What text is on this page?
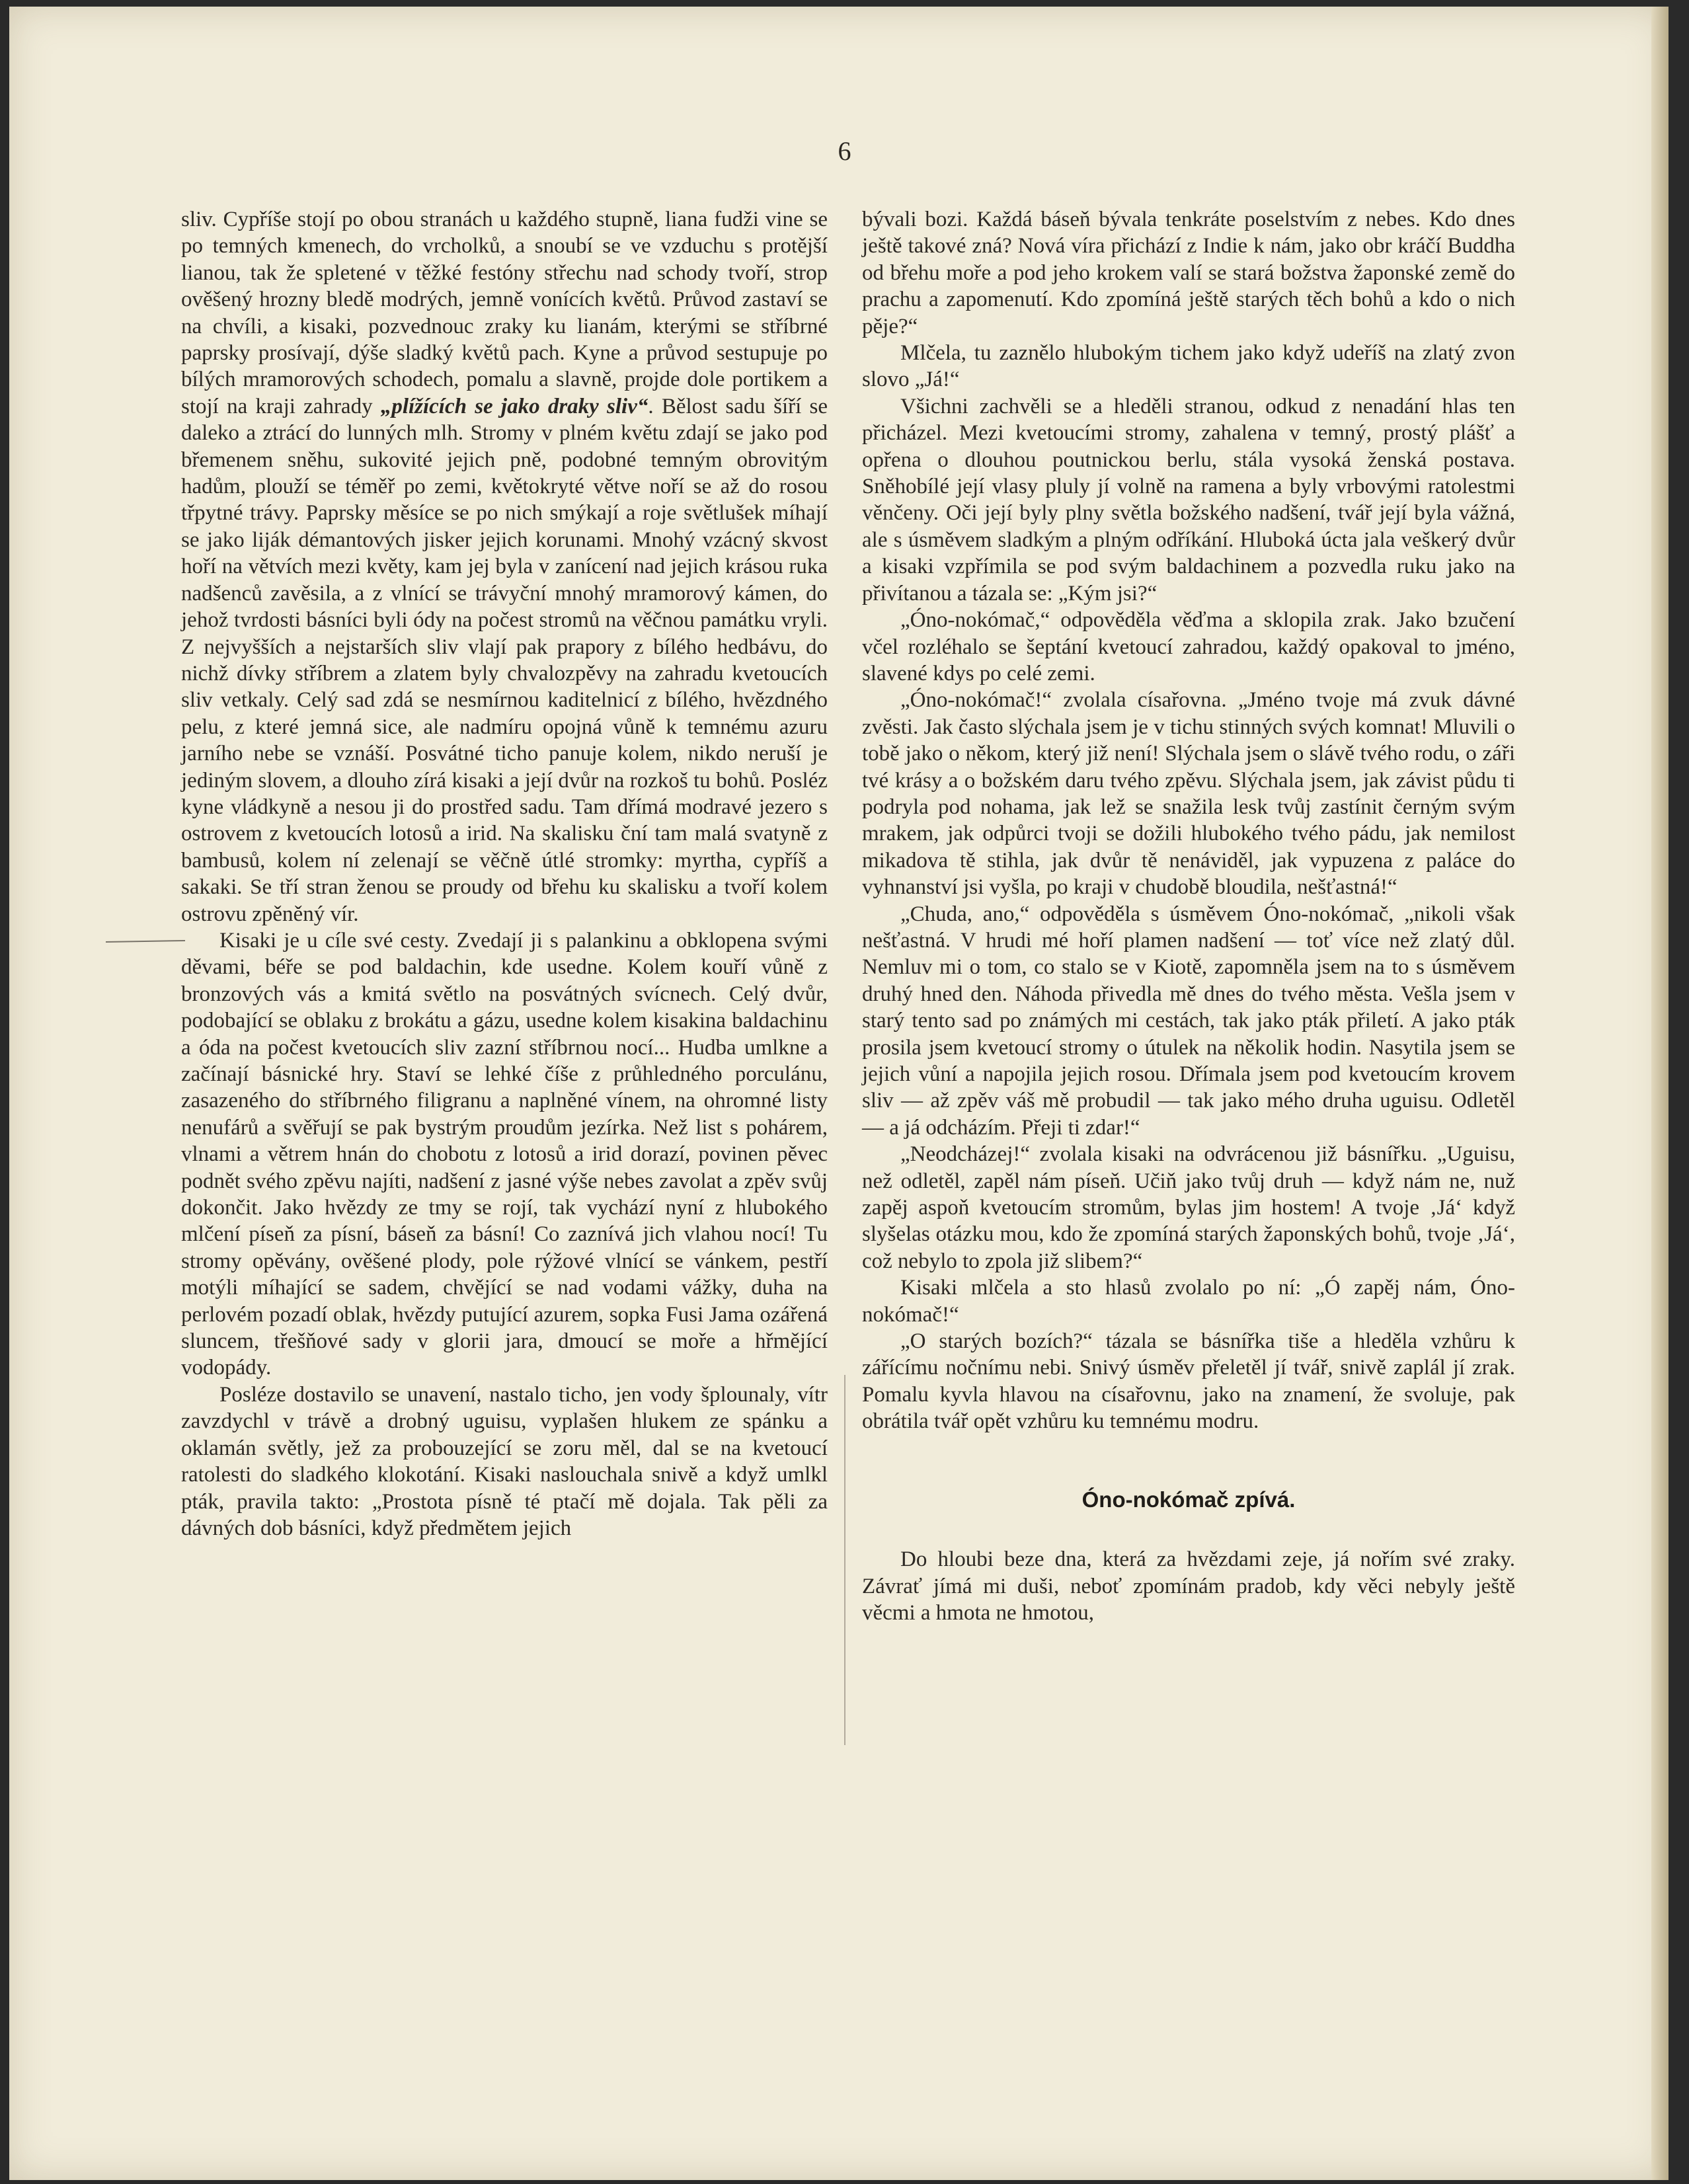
6

sliv. Cypříše stojí po obou stranách u každého stupně, liana fudži vine se po temných kmenech, do vrcholků, a snoubí se ve vzduchu s protější lianou, tak že spletené v těžké festóny střechu nad schody tvoří, strop ověšený hrozny bledě modrých, jemně vonících květů. Průvod zastaví se na chvíli, a kisaki, pozvednouc zraky ku lianám, kterými se stříbrné paprsky prosívají, dýše sladký květů pach. Kyne a průvod sestupuje po bílých mramorových schodech, pomalu a slavně, projde dole portikem a stojí na kraji zahrady „plížících se jako draky sliv“. Bělost sadu šíří se daleko a ztrácí do lunných mlh. Stromy v plném květu zdají se jako pod břemenem sněhu, sukovité jejich pně, podobné temným obrovitým hadům, plouží se téměř po zemi, květokryté větve noří se až do rosou třpytné trávy. Paprsky měsíce se po nich smýkají a roje světlušek míhají se jako liják démantových jisker jejich korunami. Mnohý vzácný skvost hoří na větvích mezi květy, kam jej byla v zanícení nad jejich krásou ruka nadšenců zavěsila, a z vlnící se trávyční mnohý mramorový kámen, do jehož tvrdosti básníci byli ódy na počest stromů na věčnou památku vryli. Z nejvyšších a nejstarších sliv vlají pak prapory z bílého hedbávu, do nichž dívky stříbrem a zlatem byly chvalozpěvy na zahradu kvetoucích sliv vetkaly. Celý sad zdá se nesmírnou kaditelnicí z bílého, hvězdného pelu, z které jemná sice, ale nadmíru opojná vůně k temnému azuru jarního nebe se vznáší. Posvátné ticho panuje kolem, nikdo neruší je jediným slovem, a dlouho zírá kisaki a její dvůr na rozkoš tu bohů. Posléz kyne vládkyně a nesou ji do prostřed sadu. Tam dřímá modravé jezero s ostrovem z kvetoucích lotosů a irid. Na skalisku ční tam malá svatyně z bambusů, kolem ní zelenají se věčně útlé stromky: myrtha, cypříš a sakaki. Se tří stran ženou se proudy od břehu ku skalisku a tvoří kolem ostrovu zpěněný vír.

Kisaki je u cíle své cesty. Zvedají ji s palankinu a obklopena svými děvami, béře se pod baldachin, kde usedne. Kolem kouří vůně z bronzových vás a kmitá světlo na posvátných svícnech. Celý dvůr, podobající se oblaku z brokátu a gázu, usedne kolem kisakina baldachinu a óda na počest kvetoucích sliv zazní stříbrnou nocí... Hudba umlkne a začínají básnické hry. Staví se lehké číše z průhledného porculánu, zasazeného do stříbrného filigranu a naplněné vínem, na ohromné listy nenufárů a svěřují se pak bystrým proudům jezírka. Než list s pohárem, vlnami a větrem hnán do chobotu z lotosů a irid dorazí, povinen pěvec podnět svého zpěvu najíti, nadšení z jasné výše nebes zavolat a zpěv svůj dokončit. Jako hvězdy ze tmy se rojí, tak vychází nyní z hlubokého mlčení píseň za písní, báseň za básní! Co zaznívá jich vlahou nocí! Tu stromy opěvány, ověšené plody, pole rýžové vlnící se vánkem, pestří motýli míhající se sadem, chvějící se nad vodami vážky, duha na perlovém pozadí oblak, hvězdy putující azurem, sopka Fusi Jama ozářená sluncem, třešňové sady v glorii jara, dmoucí se moře a hřmějící vodopády.

Posléze dostavilo se unavení, nastalo ticho, jen vody šplounaly, vítr zavzdychl v trávě a drobný uguisu, vyplašen hlukem ze spánku a oklamán světly, jež za probouzející se zoru měl, dal se na kvetoucí ratolesti do sladkého klokotání. Kisaki naslouchala snivě a když umlkl pták, pravila takto: „Prostota písně té ptačí mě dojala. Tak pěli za dávných dob básníci, když předmětem jejich

bývali bozi. Každá báseň bývala tenkráte poselstvím z nebes. Kdo dnes ještě takové zná? Nová víra přichází z Indie k nám, jako obr kráčí Buddha od břehu moře a pod jeho krokem valí se stará božstva žaponské země do prachu a zapomenutí. Kdo zpomíná ještě starých těch bohů a kdo o nich pěje?“

Mlčela, tu zaznělo hlubokým tichem jako když udeříš na zlatý zvon slovo „Já!“

Všichni zachvěli se a hleděli stranou, odkud z nenadání hlas ten přicházel. Mezi kvetoucími stromy, zahalena v temný, prostý plášť a opřena o dlouhou poutnickou berlu, stála vysoká ženská postava. Sněhobílé její vlasy pluly jí volně na ramena a byly vrbovými ratolestmi věnčeny. Oči její byly plny světla božského nadšení, tvář její byla vážná, ale s úsměvem sladkým a plným odříkání. Hluboká úcta jala veškerý dvůr a kisaki vzpřímila se pod svým baldachinem a pozvedla ruku jako na přivítanou a tázala se: „Kým jsi?“

„Óno-nokómač,“ odpověděla věďma a sklopila zrak. Jako bzučení včel rozléhalo se šeptání kvetoucí zahradou, každý opakoval to jméno, slavené kdys po celé zemi.

„Óno-nokómač!“ zvolala císařovna. „Jméno tvoje má zvuk dávné zvěsti. Jak často slýchala jsem je v tichu stinných svých komnat! Mluvili o tobě jako o někom, který již není! Slýchala jsem o slávě tvého rodu, o záři tvé krásy a o božském daru tvého zpěvu. Slýchala jsem, jak závist půdu ti podryla pod nohama, jak lež se snažila lesk tvůj zastínit černým svým mrakem, jak odpůrci tvoji se dožili hlubokého tvého pádu, jak nemilost mikadova tě stihla, jak dvůr tě nenáviděl, jak vypuzena z paláce do vyhnanství jsi vyšla, po kraji v chudobě bloudila, nešťastná!“

„Chuda, ano,“ odpověděla s úsměvem Óno-nokómač, „nikoli však nešťastná. V hrudi mé hoří plamen nadšení — toť více než zlatý důl. Nemluv mi o tom, co stalo se v Kiotě, zapomněla jsem na to s úsměvem druhý hned den. Náhoda přivedla mě dnes do tvého města. Vešla jsem v starý tento sad po známých mi cestách, tak jako pták přiletí. A jako pták prosila jsem kvetoucí stromy o útulek na několik hodin. Nasytila jsem se jejich vůní a napojila jejich rosou. Dřímala jsem pod kvetoucím krovem sliv — až zpěv váš mě probudil — tak jako mého druha uguisu. Odletěl — a já odcházím. Přeji ti zdar!“

„Neodcházej!“ zvolala kisaki na odvrácenou již básnířku. „Uguisu, než odletěl, zapěl nám píseň. Učiň jako tvůj druh — když nám ne, nuž zapěj aspoň kvetoucím stromům, bylas jim hostem! A tvoje ‚Já‘ když slyšelas otázku mou, kdo že zpomíná starých žaponských bohů, tvoje ‚Já‘, což nebylo to zpola již slibem?“

Kisaki mlčela a sto hlasů zvolalo po ní: „Ó zapěj nám, Óno-nokómač!“

„O starých bozích?“ tázala se básnířka tiše a hleděla vzhůru k zářícímu nočnímu nebi. Snivý úsměv přeletěl jí tvář, snivě zaplál jí zrak. Pomalu kyvla hlavou na císařovnu, jako na znamení, že svoluje, pak obrátila tvář opět vzhůru ku temnému modru.

Óno-nokómač zpívá.

Do hloubi beze dna, která za hvězdami zeje, já nořím své zraky. Závrať jímá mi duši, neboť zpomínám pradob, kdy věci nebyly ještě věcmi a hmota ne hmotou,
